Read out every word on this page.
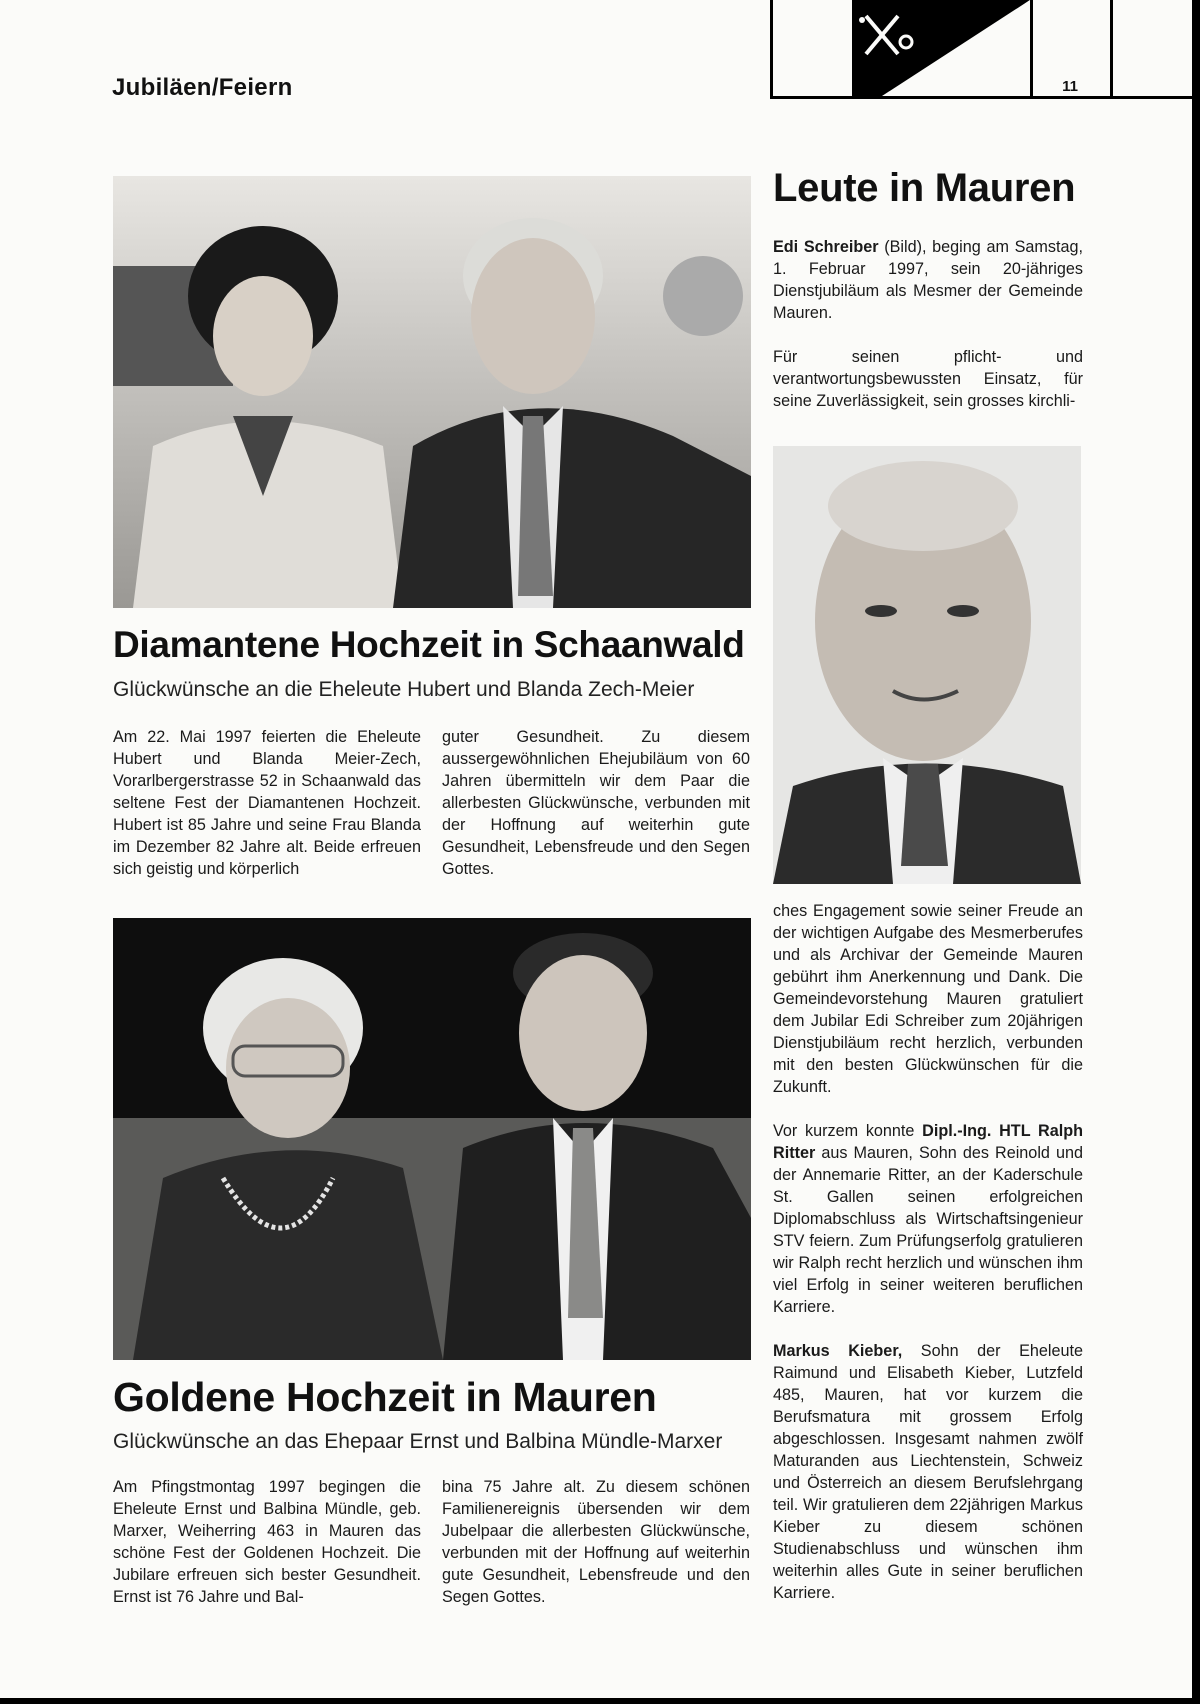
Jubiläen/Feiern	11
Diamantene Hochzeit in Schaanwald
Glückwünsche an die Eheleute Hubert und Blanda Zech-Meier

Am 22. Mai 1997 feierten die Eheleute Hubert und Blanda Meier-Zech, Vorarlbergerstrasse 52 in Schaanwald das seltene Fest der Diamantenen Hochzeit. Hubert ist 85 Jahre und seine Frau Blanda im Dezember 82 Jahre alt. Beide erfreuen sich geistig und körperlich

guter Gesundheit. Zu diesem aussergewöhnlichen Ehejubiläum von 60 Jahren übermitteln wir dem Paar die allerbesten Glückwünsche, verbunden mit der Hoffnung auf weiterhin gute Gesundheit, Lebensfreude und den Segen Gottes.

Goldene Hochzeit in Mauren
Glückwünsche an das Ehepaar Ernst und Balbina Mündle-Marxer

Am Pfingstmontag 1997 begingen die Eheleute Ernst und Balbina Mündle, geb. Marxer, Weiherring 463 in Mauren das schöne Fest der Goldenen Hochzeit. Die Jubilare erfreuen sich bester Gesundheit. Ernst ist 76 Jahre und Bal-

bina 75 Jahre alt. Zu diesem schönen Familienereignis übersenden wir dem Jubelpaar die allerbesten Glückwünsche, verbunden mit der Hoffnung auf weiterhin gute Gesundheit, Lebensfreude und den Segen Gottes.

Leute in Mauren

Edi Schreiber (Bild), beging am Samstag, 1. Februar 1997, sein 20-jähriges Dienstjubiläum als Mesmer der Gemeinde Mauren.

Für seinen pflicht- und verantwortungsbewussten Einsatz, für seine Zuverlässigkeit, sein grosses kirchli-

ches Engagement sowie seiner Freude an der wichtigen Aufgabe des Mesmerberufes und als Archivar der Gemeinde Mauren gebührt ihm Anerkennung und Dank. Die Gemeindevorstehung Mauren gratuliert dem Jubilar Edi Schreiber zum 20jährigen Dienstjubiläum recht herzlich, verbunden mit den besten Glückwünschen für die Zukunft.

Vor kurzem konnte Dipl.-Ing. HTL Ralph Ritter aus Mauren, Sohn des Reinold und der Annemarie Ritter, an der Kaderschule St. Gallen seinen erfolgreichen Diplomabschluss als Wirtschaftsingenieur STV feiern. Zum Prüfungserfolg gratulieren wir Ralph recht herzlich und wünschen ihm viel Erfolg in seiner weiteren beruflichen Karriere.

Markus Kieber, Sohn der Eheleute Raimund und Elisabeth Kieber, Lutzfeld 485, Mauren, hat vor kurzem die Berufsmatura mit grossem Erfolg abgeschlossen. Insgesamt nahmen zwölf Maturanden aus Liechtenstein, Schweiz und Österreich an diesem Berufslehrgang teil. Wir gratulieren dem 22jährigen Markus Kieber zu diesem schönen Studienabschluss und wünschen ihm weiterhin alles Gute in seiner beruflichen Karriere.
